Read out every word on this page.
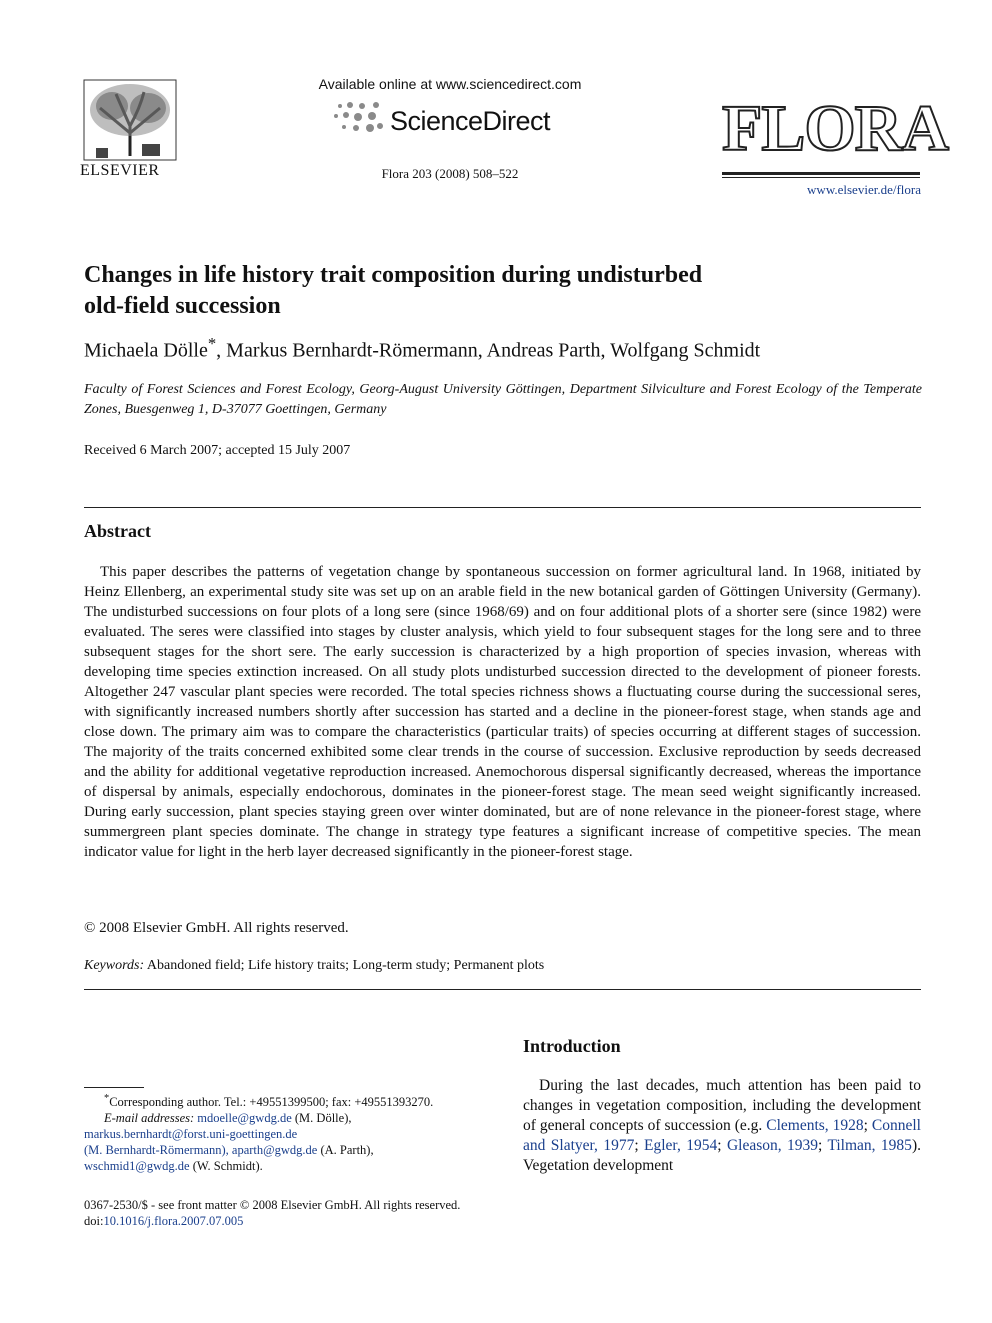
ELSEVIER
Available online at www.sciencedirect.com
ScienceDirect
Flora 203 (2008) 508–522
FLORA
www.elsevier.de/flora
Changes in life history trait composition during undisturbed
old-field succession
Michaela Dölle*, Markus Bernhardt-Römermann, Andreas Parth, Wolfgang Schmidt
Faculty of Forest Sciences and Forest Ecology, Georg-August University Göttingen, Department Silviculture and Forest Ecology of the Temperate Zones, Buesgenweg 1, D-37077 Goettingen, Germany
Received 6 March 2007; accepted 15 July 2007
Abstract
This paper describes the patterns of vegetation change by spontaneous succession on former agricultural land. In 1968, initiated by Heinz Ellenberg, an experimental study site was set up on an arable field in the new botanical garden of Göttingen University (Germany). The undisturbed successions on four plots of a long sere (since 1968/69) and on four additional plots of a shorter sere (since 1982) were evaluated. The seres were classified into stages by cluster analysis, which yield to four subsequent stages for the long sere and to three subsequent stages for the short sere. The early succession is characterized by a high proportion of species invasion, whereas with developing time species extinction increased. On all study plots undisturbed succession directed to the development of pioneer forests. Altogether 247 vascular plant species were recorded. The total species richness shows a fluctuating course during the successional seres, with significantly increased numbers shortly after succession has started and a decline in the pioneer-forest stage, when stands age and close down. The primary aim was to compare the characteristics (particular traits) of species occurring at different stages of succession. The majority of the traits concerned exhibited some clear trends in the course of succession. Exclusive reproduction by seeds decreased and the ability for additional vegetative reproduction increased. Anemochorous dispersal significantly decreased, whereas the importance of dispersal by animals, especially endochorous, dominates in the pioneer-forest stage. The mean seed weight significantly increased. During early succession, plant species staying green over winter dominated, but are of none relevance in the pioneer-forest stage, where summergreen plant species dominate. The change in strategy type features a significant increase of competitive species. The mean indicator value for light in the herb layer decreased significantly in the pioneer-forest stage.
© 2008 Elsevier GmbH. All rights reserved.
Keywords: Abandoned field; Life history traits; Long-term study; Permanent plots
Introduction
During the last decades, much attention has been paid to changes in vegetation composition, including the development of general concepts of succession (e.g. Clements, 1928; Connell and Slatyer, 1977; Egler, 1954; Gleason, 1939; Tilman, 1985). Vegetation development
*Corresponding author. Tel.: +49551399500; fax: +49551393270.
E-mail addresses: mdoelle@gwdg.de (M. Dölle),
markus.bernhardt@forst.uni-goettingen.de
(M. Bernhardt-Römermann), aparth@gwdg.de (A. Parth),
wschmid1@gwdg.de (W. Schmidt).
0367-2530/$ - see front matter © 2008 Elsevier GmbH. All rights reserved.
doi:10.1016/j.flora.2007.07.005
